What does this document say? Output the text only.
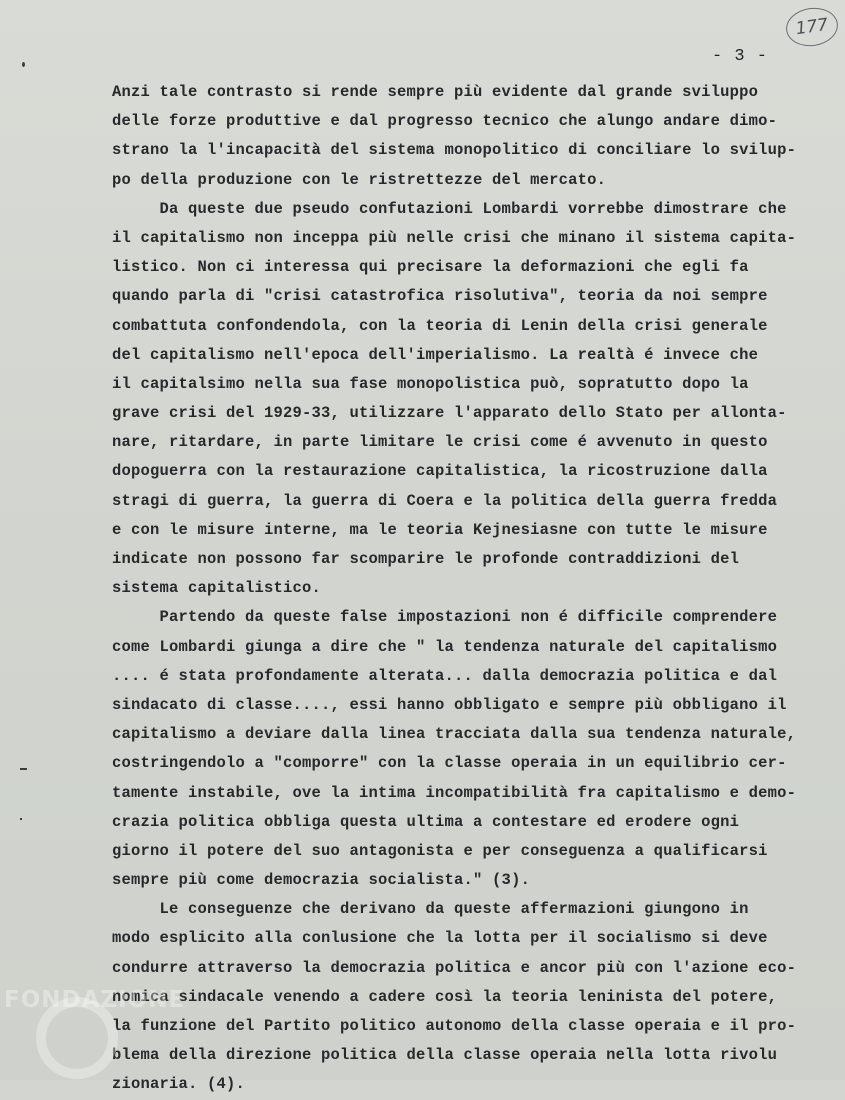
177
- 3 -
Anzi tale contrasto si rende sempre più evidente dal grande sviluppo
delle forze produttive e dal progresso tecnico che alungo andare dimo-
strano la l'incapacità del sistema monopolitico di conciliare lo svilup-
po della produzione con le ristrettezze del mercato.
Da queste due pseudo confutazioni Lombardi vorrebbe dimostrare che
il capitalismo non inceppa più nelle crisi che minano il sistema capita-
listico. Non ci interessa qui precisare la deformazioni che egli fa
quando parla di "crisi catastrofica risolutiva", teoria da noi sempre
combattuta confondendola, con la teoria di Lenin della crisi generale
del capitalismo nell'epoca dell'imperialismo. La realtà é invece che
il capitalsimo nella sua fase monopolistica può, sopratutto dopo la
grave crisi del 1929-33, utilizzare l'apparato dello Stato per allonta-
nare, ritardare, in parte limitare le crisi come é avvenuto in questo
dopoguerra con la restaurazione capitalistica, la ricostruzione dalla
stragi di guerra, la guerra di Coera e la politica della guerra fredda
e con le misure interne, ma le teoria Kejnesiasne con tutte le misure
indicate non possono far scomparire le profonde contraddizioni del
sistema capitalistico.
Partendo da queste false impostazioni non é difficile comprendere
come Lombardi giunga a dire che " la tendenza naturale del capitalismo
.... é stata profondamente alterata... dalla democrazia politica e dal
sindacato di classe...., essi hanno obbligato e sempre più obbligano il
capitalismo a deviare dalla linea tracciata dalla sua tendenza naturale,
costringendolo a "comporre" con la classe operaia in un equilibrio cer-
tamente instabile, ove la intima incompatibilità fra capitalismo e demo-
crazia politica obbliga questa ultima a contestare ed erodere ogni
giorno il potere del suo antagonista e per conseguenza a qualificarsi
sempre più come democrazia socialista." (3).
Le conseguenze che derivano da queste affermazioni giungono in
modo esplicito alla conlusione che la lotta per il socialismo si deve
condurre attraverso la democrazia politica e ancor più con l'azione eco-
nomica sindacale venendo a cadere così la teoria leninista del potere,
la funzione del Partito politico autonomo della classe operaia e il pro-
blema della direzione politica della classe operaia nella lotta rivolu
zionaria. (4).
FONDAZIONE
